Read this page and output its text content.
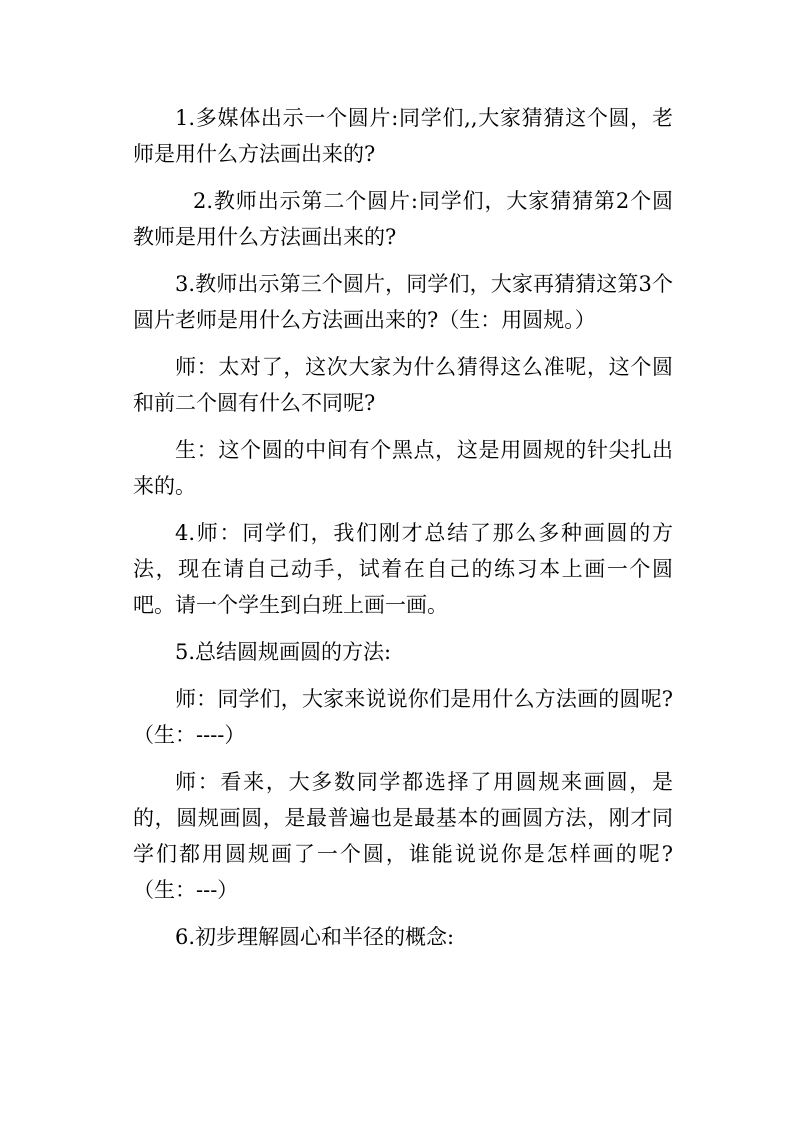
1.多媒体出示一个圆片:同学们,,大家猜猜这个圆，老师是用什么方法画出来的?

2.教师出示第二个圆片:同学们，大家猜猜第2个圆教师是用什么方法画出来的?

3.教师出示第三个圆片，同学们，大家再猜猜这第3个圆片老师是用什么方法画出来的?（生：用圆规。）

师：太对了，这次大家为什么猜得这么准呢，这个圆和前二个圆有什么不同呢?

生：这个圆的中间有个黑点，这是用圆规的针尖扎出来的。

4.师：同学们，我们刚才总结了那么多种画圆的方法，现在请自己动手，试着在自己的练习本上画一个圆吧。请一个学生到白班上画一画。

5.总结圆规画圆的方法:

师：同学们，大家来说说你们是用什么方法画的圆呢?（生：----）

师：看来，大多数同学都选择了用圆规来画圆，是的，圆规画圆，是最普遍也是最基本的画圆方法，刚才同学们都用圆规画了一个圆，谁能说说你是怎样画的呢?（生：---）

6.初步理解圆心和半径的概念:
